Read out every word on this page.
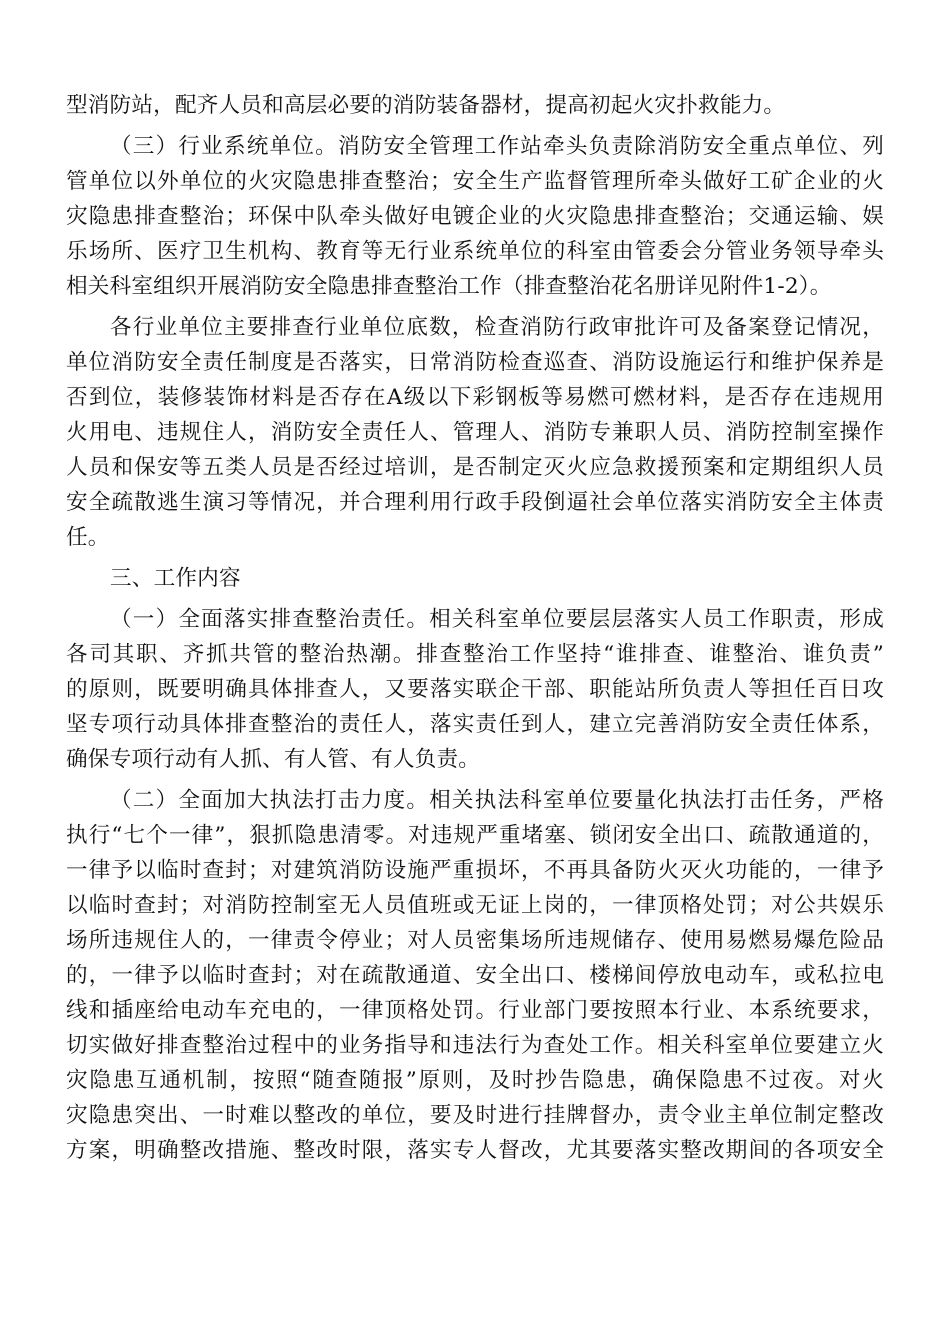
型消防站，配齐人员和高层必要的消防装备器材，提高初起火灾扑救能力。
（三）行业系统单位。消防安全管理工作站牵头负责除消防安全重点单位、列
管单位以外单位的火灾隐患排查整治；安全生产监督管理所牵头做好工矿企业的火
灾隐患排查整治；环保中队牵头做好电镀企业的火灾隐患排查整治；交通运输、娱
乐场所、医疗卫生机构、教育等无行业系统单位的科室由管委会分管业务领导牵头
相关科室组织开展消防安全隐患排查整治工作（排查整治花名册详见附件1-2）。
各行业单位主要排查行业单位底数，检查消防行政审批许可及备案登记情况，
单位消防安全责任制度是否落实，日常消防检查巡查、消防设施运行和维护保养是
否到位，装修装饰材料是否存在A级以下彩钢板等易燃可燃材料，是否存在违规用
火用电、违规住人，消防安全责任人、管理人、消防专兼职人员、消防控制室操作
人员和保安等五类人员是否经过培训，是否制定灭火应急救援预案和定期组织人员
安全疏散逃生演习等情况，并合理利用行政手段倒逼社会单位落实消防安全主体责
任。
三、工作内容
（一）全面落实排查整治责任。相关科室单位要层层落实人员工作职责，形成
各司其职、齐抓共管的整治热潮。排查整治工作坚持“谁排查、谁整治、谁负责”
的原则，既要明确具体排查人，又要落实联企干部、职能站所负责人等担任百日攻
坚专项行动具体排查整治的责任人，落实责任到人，建立完善消防安全责任体系，
确保专项行动有人抓、有人管、有人负责。
（二）全面加大执法打击力度。相关执法科室单位要量化执法打击任务，严格
执行“七个一律”，狠抓隐患清零。对违规严重堵塞、锁闭安全出口、疏散通道的，
一律予以临时查封；对建筑消防设施严重损坏，不再具备防火灭火功能的，一律予
以临时查封；对消防控制室无人员值班或无证上岗的，一律顶格处罚；对公共娱乐
场所违规住人的，一律责令停业；对人员密集场所违规储存、使用易燃易爆危险品
的，一律予以临时查封；对在疏散通道、安全出口、楼梯间停放电动车，或私拉电
线和插座给电动车充电的，一律顶格处罚。行业部门要按照本行业、本系统要求，
切实做好排查整治过程中的业务指导和违法行为查处工作。相关科室单位要建立火
灾隐患互通机制，按照“随查随报”原则，及时抄告隐患，确保隐患不过夜。对火
灾隐患突出、一时难以整改的单位，要及时进行挂牌督办，责令业主单位制定整改
方案，明确整改措施、整改时限，落实专人督改，尤其要落实整改期间的各项安全
